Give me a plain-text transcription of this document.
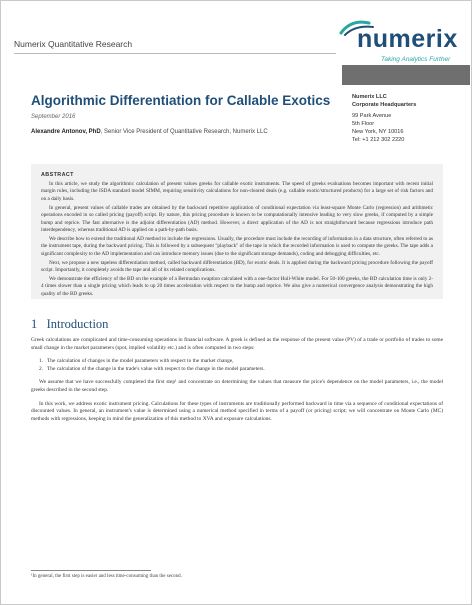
Numerix Quantitative Research	numerix
Taking Analytics Further
Algorithmic Differentiation for Callable Exotics
September 2016
Alexandre Antonov, PhD, Senior Vice President of Quantitative Research, Numerix LLC
Numerix LLC
Corporate Headquarters
99 Park Avenue
5th Floor
New York, NY 10016
Tel: +1 212 302 2220
ABSTRACT

In this article, we study the algorithmic calculation of present values greeks for callable exotic instruments. The speed of greeks evaluations becomes important with recent initial margin rules, including the ISDA standard model SIMM, requiring sensitivity calculations for non-cleared deals (e.g. callable exotic/structured products) for a large set of risk factors and on a daily basis.

In general, present values of callable trades are obtained by the backward repetitive application of conditional expectation via least-square Monte Carlo (regression) and arithmetic operations encoded in so called pricing (payoff) script. By nature, this pricing procedure is known to be computationally intensive leading to very slow greeks, if computed by a simple bump and reprice. The fast alternative is the adjoint differentiation (AD) method. However, a direct application of the AD is not straightforward because regressions introduce path interdependency, whereas traditional AD is applied on a path-by-path basis.

We describe how to extend the traditional AD method to include the regressions. Usually, the procedure must include the recording of information in a data structure, often referred to as the instrument tape, during the backward pricing. This is followed by a subsequent "playback" of the tape in which the recorded information is used to compute the greeks. The tape adds a significant complexity to the AD implementation and can introduce memory issues (due to the significant storage demands), coding and debugging difficulties, etc.

Next, we propose a new tapeless differentiation method, called backward differentiation (BD), for exotic deals. It is applied during the backward pricing procedure following the payoff script. Importantly, it completely avoids the tape and all of its related complications.

We demonstrate the efficiency of the BD on the example of a Bermudan swaption calculated with a one-factor Hull-White model. For 50-100 greeks, the BD calculation time is only 2-4 times slower than a single pricing which leads to up 20 times acceleration with respect to the bump and reprice. We also give a numerical convergence analysis demonstrating the high quality of the BD greeks.

1 Introduction

Greek calculations are complicated and time-consuming operations in financial software. A greek is defined as the response of the present value (PV) of a trade or portfolio of trades to some small change in the market parameters (spot, implied volatility etc.) and is often computed in two steps:

1. The calculation of changes in the model parameters with respect to the market change,
2. The calculation of the change in the trade's value with respect to the change in the model parameters.

We assume that we have successfully completed the first step¹ and concentrate on determining the values that measure the price's dependence on the model parameters, i.e., the model greeks described in the second step.

In this work, we address exotic instrument pricing. Calculations for these types of instruments are traditionally performed backward in time via a sequence of conditional expectations of discounted values. In general, an instrument's value is determined using a numerical method specified in terms of a payoff (or pricing) script; we will concentrate on Monte Carlo (MC) methods with regressions, keeping in mind the generalization of this method to XVA and exposure calculations.

¹In general, the first step is easier and less time-consuming than the second.
